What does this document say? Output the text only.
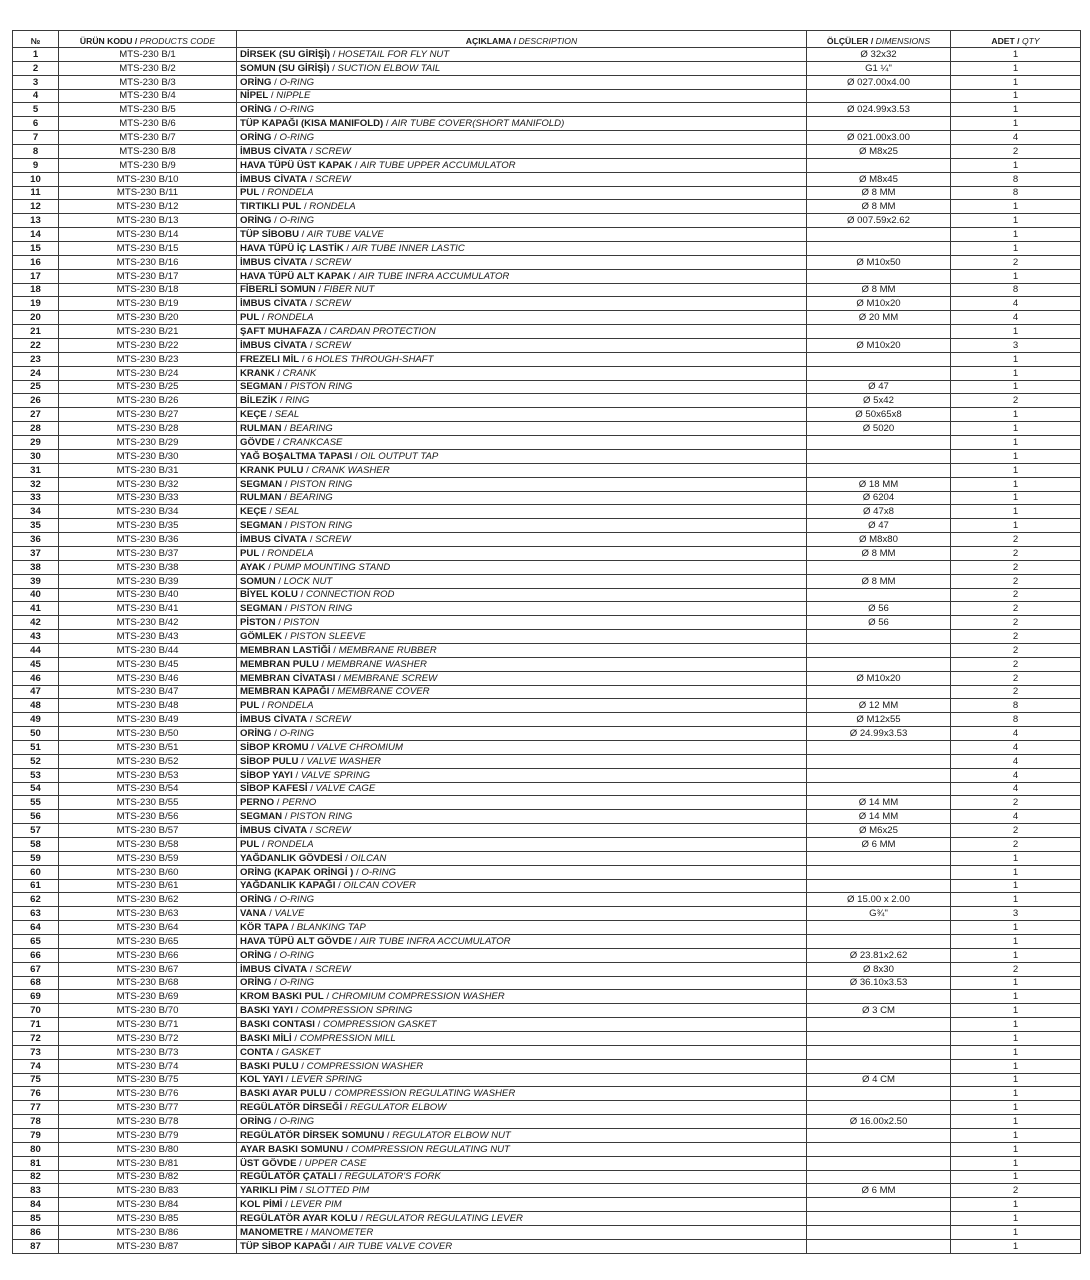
№	ÜRÜN KODU / PRODUCTS CODE	AÇIKLAMA / DESCRIPTION	ÖLÇÜLER / DIMENSIONS	ADET / QTY
1	MTS-230 B/1	DİRSEK (SU GİRİŞİ) / HOSETAIL FOR FLY NUT	Ø 32x32	1
2	MTS-230 B/2	SOMUN (SU GİRİŞİ) / SUCTION ELBOW TAIL	G1 ¼"	1
3	MTS-230 B/3	ORİNG / O-RING	Ø 027.00x4.00	1
4	MTS-230 B/4	NİPEL / NIPPLE		1
5	MTS-230 B/5	ORİNG / O-RING	Ø 024.99x3.53	1
6	MTS-230 B/6	TÜP KAPAĞI (KISA MANIFOLD) / AIR TUBE COVER(SHORT MANIFOLD)		1
7	MTS-230 B/7	ORİNG / O-RING	Ø 021.00x3.00	4
8	MTS-230 B/8	İMBUS CİVATA / SCREW	Ø M8x25	2
9	MTS-230 B/9	HAVA TÜPÜ ÜST KAPAK / AIR TUBE UPPER ACCUMULATOR		1
10	MTS-230 B/10	İMBUS CİVATA / SCREW	Ø M8x45	8
11	MTS-230 B/11	PUL / RONDELA	Ø 8 MM	8
12	MTS-230 B/12	TIRTIKLI PUL / RONDELA	Ø 8 MM	1
13	MTS-230 B/13	ORİNG / O-RING	Ø 007.59x2.62	1
14	MTS-230 B/14	TÜP SİBOBU / AIR TUBE VALVE		1
15	MTS-230 B/15	HAVA TÜPÜ İÇ LASTİK / AIR TUBE INNER LASTIC		1
16	MTS-230 B/16	İMBUS CİVATA / SCREW	Ø M10x50	2
17	MTS-230 B/17	HAVA TÜPÜ ALT KAPAK / AIR TUBE INFRA ACCUMULATOR		1
18	MTS-230 B/18	FİBERLİ SOMUN / FIBER NUT	Ø 8 MM	8
19	MTS-230 B/19	İMBUS CİVATA / SCREW	Ø M10x20	4
20	MTS-230 B/20	PUL / RONDELA	Ø 20 MM	4
21	MTS-230 B/21	ŞAFT MUHAFAZA / CARDAN PROTECTION		1
22	MTS-230 B/22	İMBUS CİVATA / SCREW	Ø M10x20	3
23	MTS-230 B/23	FREZELI MİL / 6 HOLES THROUGH-SHAFT		1
24	MTS-230 B/24	KRANK / CRANK		1
25	MTS-230 B/25	SEGMAN / PISTON RING	Ø 47	1
26	MTS-230 B/26	BİLEZİK / RING	Ø 5x42	2
27	MTS-230 B/27	KEÇE / SEAL	Ø 50x65x8	1
28	MTS-230 B/28	RULMAN / BEARING	Ø 5020	1
29	MTS-230 B/29	GÖVDE / CRANKCASE		1
30	MTS-230 B/30	YAĞ BOŞALTMA TAPASI / OIL OUTPUT TAP		1
31	MTS-230 B/31	KRANK PULU / CRANK WASHER		1
32	MTS-230 B/32	SEGMAN / PISTON RING	Ø 18 MM	1
33	MTS-230 B/33	RULMAN / BEARING	Ø 6204	1
34	MTS-230 B/34	KEÇE / SEAL	Ø 47x8	1
35	MTS-230 B/35	SEGMAN / PISTON RING	Ø 47	1
36	MTS-230 B/36	İMBUS CİVATA / SCREW	Ø M8x80	2
37	MTS-230 B/37	PUL / RONDELA	Ø 8 MM	2
38	MTS-230 B/38	AYAK / PUMP MOUNTING STAND		2
39	MTS-230 B/39	SOMUN / LOCK NUT	Ø 8 MM	2
40	MTS-230 B/40	BİYEL KOLU / CONNECTION ROD		2
41	MTS-230 B/41	SEGMAN / PISTON RING	Ø 56	2
42	MTS-230 B/42	PİSTON / PISTON	Ø 56	2
43	MTS-230 B/43	GÖMLEK / PISTON SLEEVE		2
44	MTS-230 B/44	MEMBRAN LASTİĞİ / MEMBRANE RUBBER		2
45	MTS-230 B/45	MEMBRAN PULU / MEMBRANE WASHER		2
46	MTS-230 B/46	MEMBRAN CİVATASI / MEMBRANE SCREW	Ø M10x20	2
47	MTS-230 B/47	MEMBRAN KAPAĞI / MEMBRANE COVER		2
48	MTS-230 B/48	PUL / RONDELA	Ø 12 MM	8
49	MTS-230 B/49	İMBUS CİVATA / SCREW	Ø M12x55	8
50	MTS-230 B/50	ORİNG / O-RING	Ø 24.99x3.53	4
51	MTS-230 B/51	SİBOP KROMU / VALVE CHROMIUM		4
52	MTS-230 B/52	SİBOP PULU / VALVE WASHER		4
53	MTS-230 B/53	SİBOP YAYI / VALVE SPRING		4
54	MTS-230 B/54	SİBOP KAFESİ / VALVE CAGE		4
55	MTS-230 B/55	PERNO / PERNO	Ø 14 MM	2
56	MTS-230 B/56	SEGMAN / PISTON RING	Ø 14 MM	4
57	MTS-230 B/57	İMBUS CİVATA / SCREW	Ø M6x25	2
58	MTS-230 B/58	PUL / RONDELA	Ø 6 MM	2
59	MTS-230 B/59	YAĞDANLIK GÖVDESİ / OILCAN		1
60	MTS-230 B/60	ORİNG (KAPAK ORİNGİ ) / O-RING		1
61	MTS-230 B/61	YAĞDANLIK KAPAĞI / OILCAN COVER		1
62	MTS-230 B/62	ORİNG / O-RING	Ø 15.00 x 2.00	1
63	MTS-230 B/63	VANA / VALVE	G¾"	3
64	MTS-230 B/64	KÖR TAPA / BLANKING TAP		1
65	MTS-230 B/65	HAVA TÜPÜ ALT GÖVDE / AIR TUBE INFRA ACCUMULATOR		1
66	MTS-230 B/66	ORİNG / O-RING	Ø 23.81x2.62	1
67	MTS-230 B/67	İMBUS CİVATA / SCREW	Ø 8x30	2
68	MTS-230 B/68	ORİNG / O-RING	Ø 36.10x3.53	1
69	MTS-230 B/69	KROM BASKI PUL / CHROMIUM COMPRESSION WASHER		1
70	MTS-230 B/70	BASKI YAYI / COMPRESSION SPRING	Ø 3 CM	1
71	MTS-230 B/71	BASKI CONTASI / COMPRESSION GASKET		1
72	MTS-230 B/72	BASKI MİLİ / COMPRESSION MILL		1
73	MTS-230 B/73	CONTA / GASKET		1
74	MTS-230 B/74	BASKI PULU / COMPRESSION WASHER		1
75	MTS-230 B/75	KOL YAYI / LEVER SPRING	Ø 4 CM	1
76	MTS-230 B/76	BASKI AYAR PULU / COMPRESSION REGULATING WASHER		1
77	MTS-230 B/77	REGÜLATÖR DİRSEĞİ / REGULATOR ELBOW		1
78	MTS-230 B/78	ORİNG / O-RING	Ø 16.00x2.50	1
79	MTS-230 B/79	REGÜLATÖR DİRSEK SOMUNU / REGULATOR ELBOW NUT		1
80	MTS-230 B/80	AYAR BASKI SOMUNU / COMPRESSION REGULATING NUT		1
81	MTS-230 B/81	ÜST GÖVDE / UPPER CASE		1
82	MTS-230 B/82	REGÜLATÖR ÇATALI / REGULATOR'S FORK		1
83	MTS-230 B/83	YARIKLI PİM / SLOTTED PIM	Ø 6 MM	2
84	MTS-230 B/84	KOL PİMİ / LEVER PIM		1
85	MTS-230 B/85	REGÜLATÖR AYAR KOLU / REGULATOR REGULATING LEVER		1
86	MTS-230 B/86	MANOMETRE / MANOMETER		1
87	MTS-230 B/87	TÜP SİBOP KAPAĞI / AIR TUBE VALVE COVER		1
